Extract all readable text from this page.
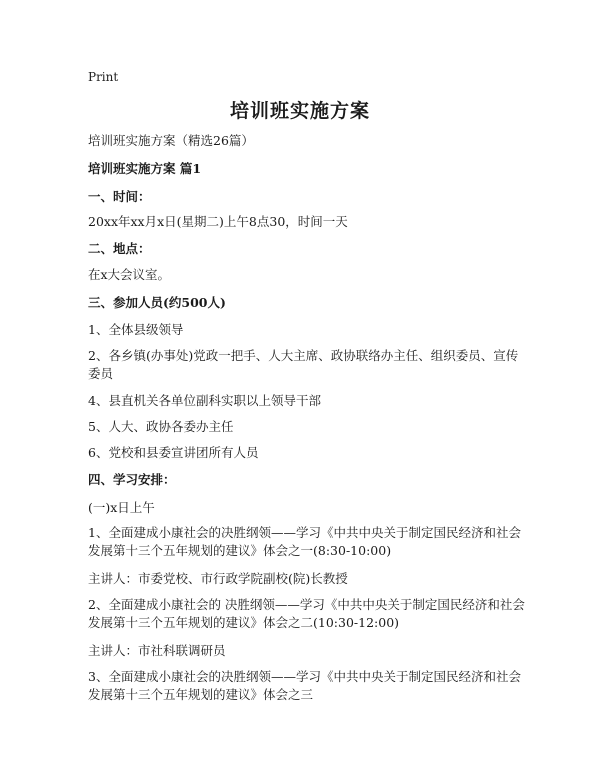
Print
培训班实施方案
培训班实施方案（精选26篇）
培训班实施方案 篇1
一、时间：
20xx年xx月x日(星期二)上午8点30，时间一天
二、地点：
在x大会议室。
三、参加人员(约500人)
1、全体县级领导
2、各乡镇(办事处)党政一把手、人大主席、政协联络办主任、组织委员、宣传委员
4、县直机关各单位副科实职以上领导干部
5、人大、政协各委办主任
6、党校和县委宣讲团所有人员
四、学习安排：
(一)x日上午
1、全面建成小康社会的决胜纲领——学习《中共中央关于制定国民经济和社会发展第十三个五年规划的建议》体会之一(8:30-10:00)
主讲人：市委党校、市行政学院副校(院)长教授
2、全面建成小康社会的 决胜纲领——学习《中共中央关于制定国民经济和社会发展第十三个五年规划的建议》体会之二(10:30-12:00)
主讲人：市社科联调研员
3、全面建成小康社会的决胜纲领——学习《中共中央关于制定国民经济和社会发展第十三个五年规划的建议》体会之三
